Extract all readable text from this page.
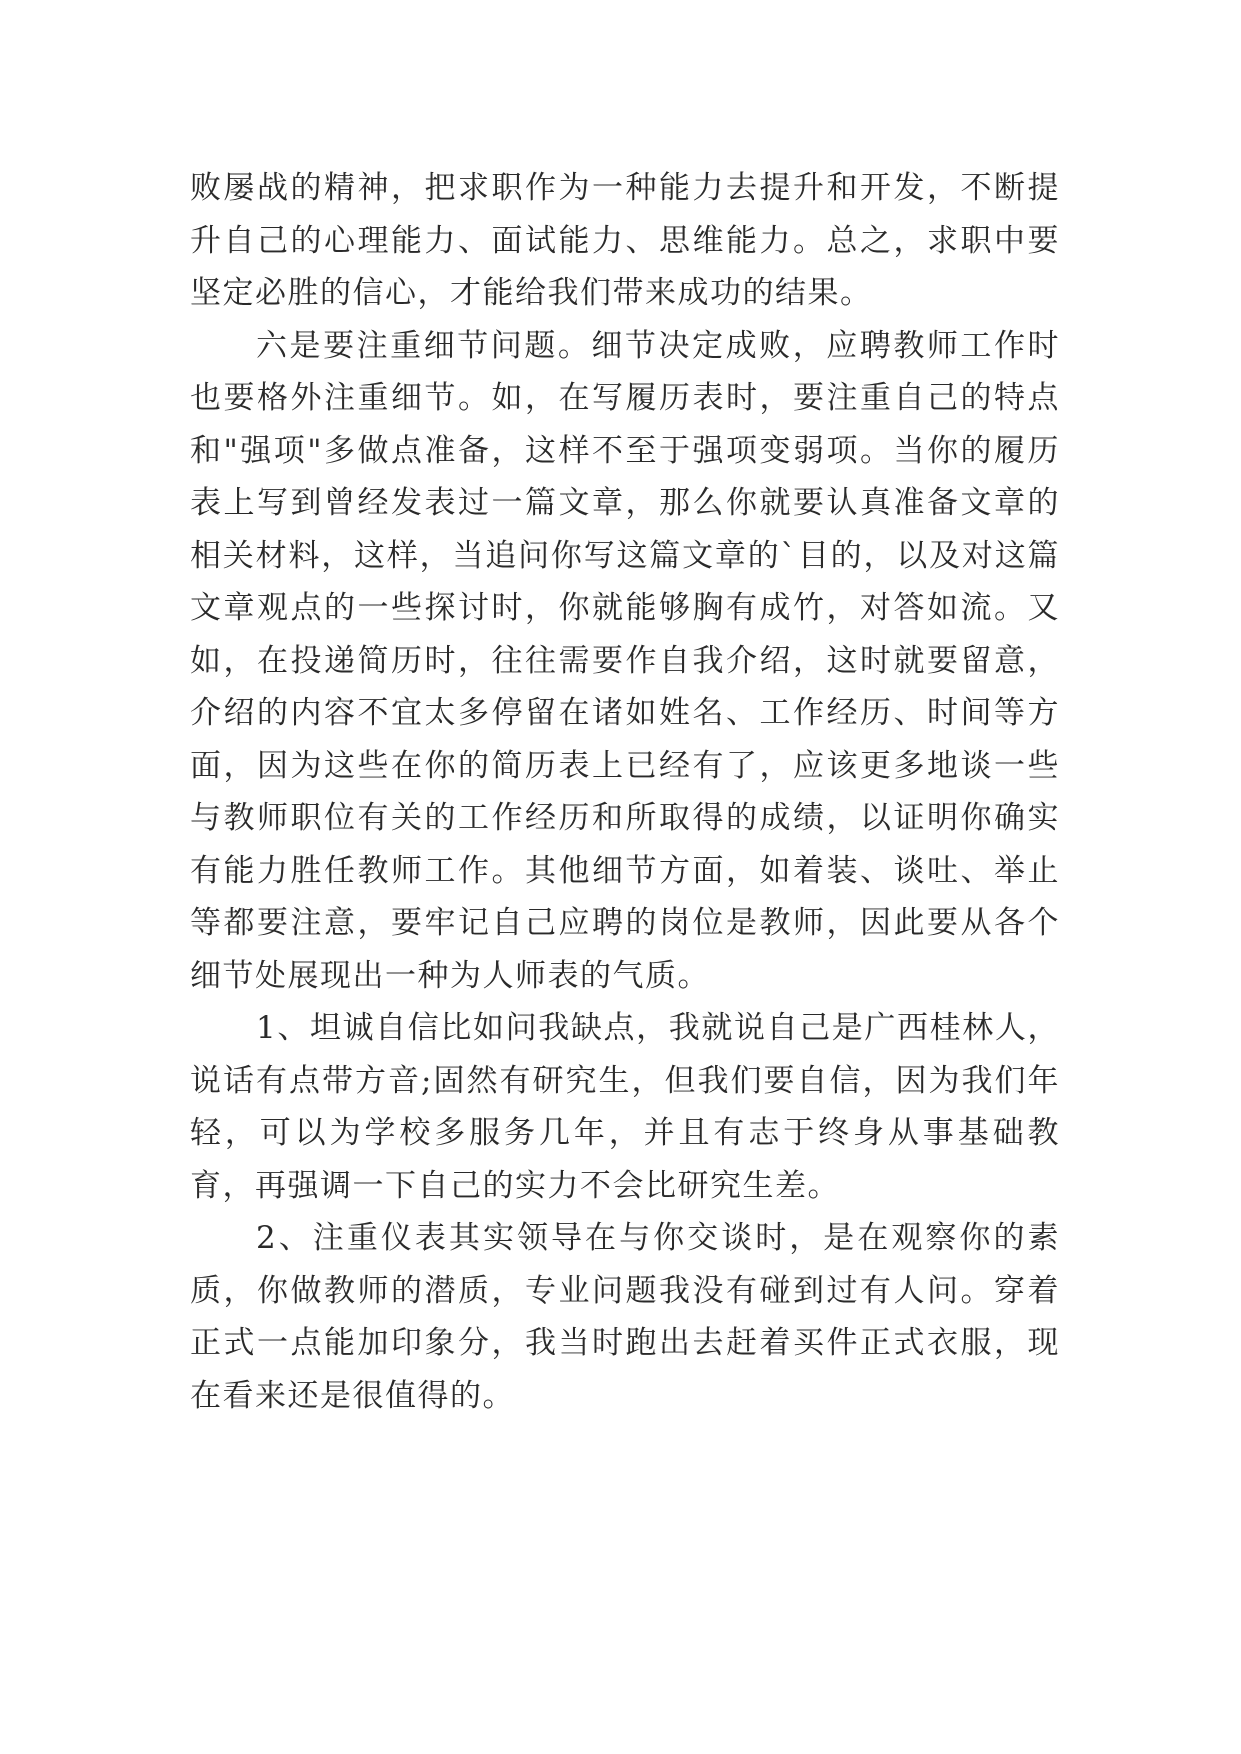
败屡战的精神，把求职作为一种能力去提升和开发，不断提升自己的心理能力、面试能力、思维能力。总之，求职中要坚定必胜的信心，才能给我们带来成功的结果。

六是要注重细节问题。细节决定成败，应聘教师工作时也要格外注重细节。如，在写履历表时，要注重自己的特点和"强项"多做点准备，这样不至于强项变弱项。当你的履历表上写到曾经发表过一篇文章，那么你就要认真准备文章的相关材料，这样，当追问你写这篇文章的`目的，以及对这篇文章观点的一些探讨时，你就能够胸有成竹，对答如流。又如，在投递简历时，往往需要作自我介绍，这时就要留意，介绍的内容不宜太多停留在诸如姓名、工作经历、时间等方面，因为这些在你的简历表上已经有了，应该更多地谈一些与教师职位有关的工作经历和所取得的成绩，以证明你确实有能力胜任教师工作。其他细节方面，如着装、谈吐、举止等都要注意，要牢记自己应聘的岗位是教师，因此要从各个细节处展现出一种为人师表的气质。

1、坦诚自信比如问我缺点，我就说自己是广西桂林人，说话有点带方音;固然有研究生，但我们要自信，因为我们年轻，可以为学校多服务几年，并且有志于终身从事基础教育，再强调一下自己的实力不会比研究生差。

2、注重仪表其实领导在与你交谈时，是在观察你的素质，你做教师的潜质，专业问题我没有碰到过有人问。穿着正式一点能加印象分，我当时跑出去赶着买件正式衣服，现在看来还是很值得的。
